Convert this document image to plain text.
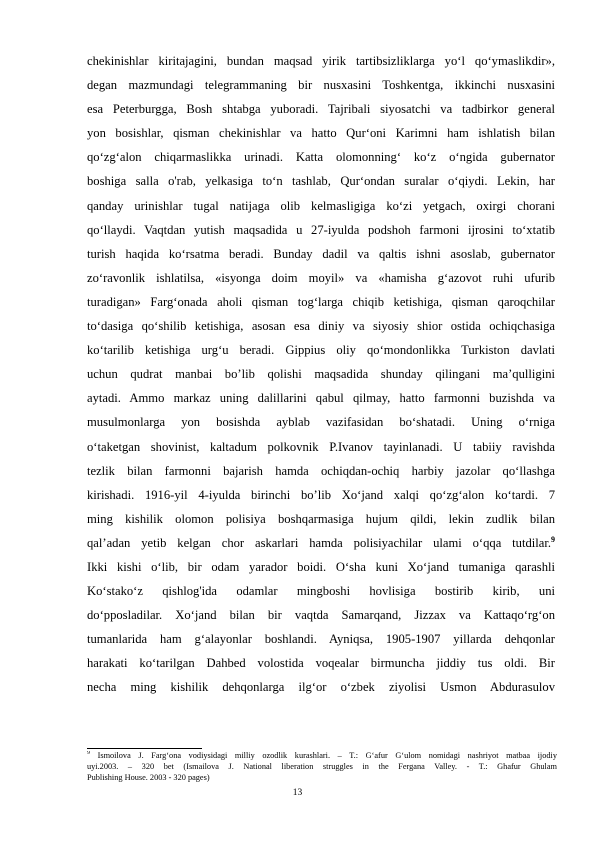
chekinishlar kiritajagini, bundan maqsad yirik tartibsizliklarga yo‘l qo‘ymaslikdir»,
degan mazmundagi telegrammaning bir nusxasini Toshkentga, ikkinchi nusxasini
esa Peterburgga, Bosh shtabga yuboradi. Tajribali siyosatchi va tadbirkor general
yon bosishlar, qisman chekinishlar va hatto Qur‘oni Karimni ham ishlatish bilan
qo‘zg‘alon chiqarmaslikka urinadi. Katta olomonning‘ ko‘z o‘ngida gubernator
boshiga salla o'rab, yelkasiga to‘n tashlab, Qur‘ondan suralar o‘qiydi. Lekin, har
qanday urinishlar tugal natijaga olib kelmasligiga ko‘zi yetgach, oxirgi chorani
qo‘llaydi. Vaqtdan yutish maqsadida u 27-iyulda podshoh farmoni ijrosini to‘xtatib
turish haqida ko‘rsatma beradi. Bunday dadil va qaltis ishni asoslab, gubernator
zo‘ravonlik ishlatilsa, «isyonga doim moyil» va «hamisha g‘azovot ruhi ufurib
turadigan» Farg‘onada aholi qisman tog‘larga chiqib ketishiga, qisman qaroqchilar
to‘dasiga qo‘shilib ketishiga, asosan esa diniy va siyosiy shior ostida ochiqchasiga
ko‘tarilib ketishiga urg‘u beradi. Gippius oliy qo‘mondonlikka Turkiston davlati
uchun qudrat manbai bo’lib qolishi maqsadida shunday qilingani ma’qulligini
aytadi. Ammo markaz uning dalillarini qabul qilmay, hatto farmonni buzishda va
musulmonlarga yon bosishda ayblab vazifasidan bo‘shatadi. Uning o‘rniga
o‘taketgan shovinist, kaltadum polkovnik P.Ivanov tayinlanadi. U tabiiy ravishda
tezlik bilan farmonni bajarish hamda ochiqdan-ochiq harbiy jazolar qo‘llashga
kirishadi. 1916-yil 4-iyulda birinchi bo’lib Xo‘jand xalqi qo‘zg‘alon ko‘tardi. 7
ming kishilik olomon polisiya boshqarmasiga hujum qildi, lekin zudlik bilan
qal’adan yetib kelgan chor askarlari hamda polisiyachilar ulami o‘qqa tutdilar.$^9$
Ikki kishi o‘lib, bir odam yarador boidi. O‘sha kuni Xo‘jand tumaniga qarashli
Ko‘stako‘z qishlog'ida odamlar mingboshi hovlisiga bostirib kirib, uni
do‘pposladilar. Xo‘jand bilan bir vaqtda Samarqand, Jizzax va Kattaqo‘rg‘on
tumanlarida ham g‘alayonlar boshlandi. Ayniqsa, 1905-1907 yillarda dehqonlar
harakati ko‘tarilgan Dahbed volostida voqealar birmuncha jiddiy tus oldi. Bir
necha ming kishilik dehqonlarga ilg‘or o‘zbek ziyolisi Usmon Abdurasulov
$^9$ Ismoilova J. Farg‘ona vodiysidagi milliy ozodlik kurashlari. – T.: G‘afur G‘ulom nomidagi nashriyot matbaa ijodiy
uyi.2003. – 320 bet (Ismailova J. National liberation struggles in the Fergana Valley. - T.: Ghafur Ghulam
Publishing House. 2003 - 320 pages)
13
